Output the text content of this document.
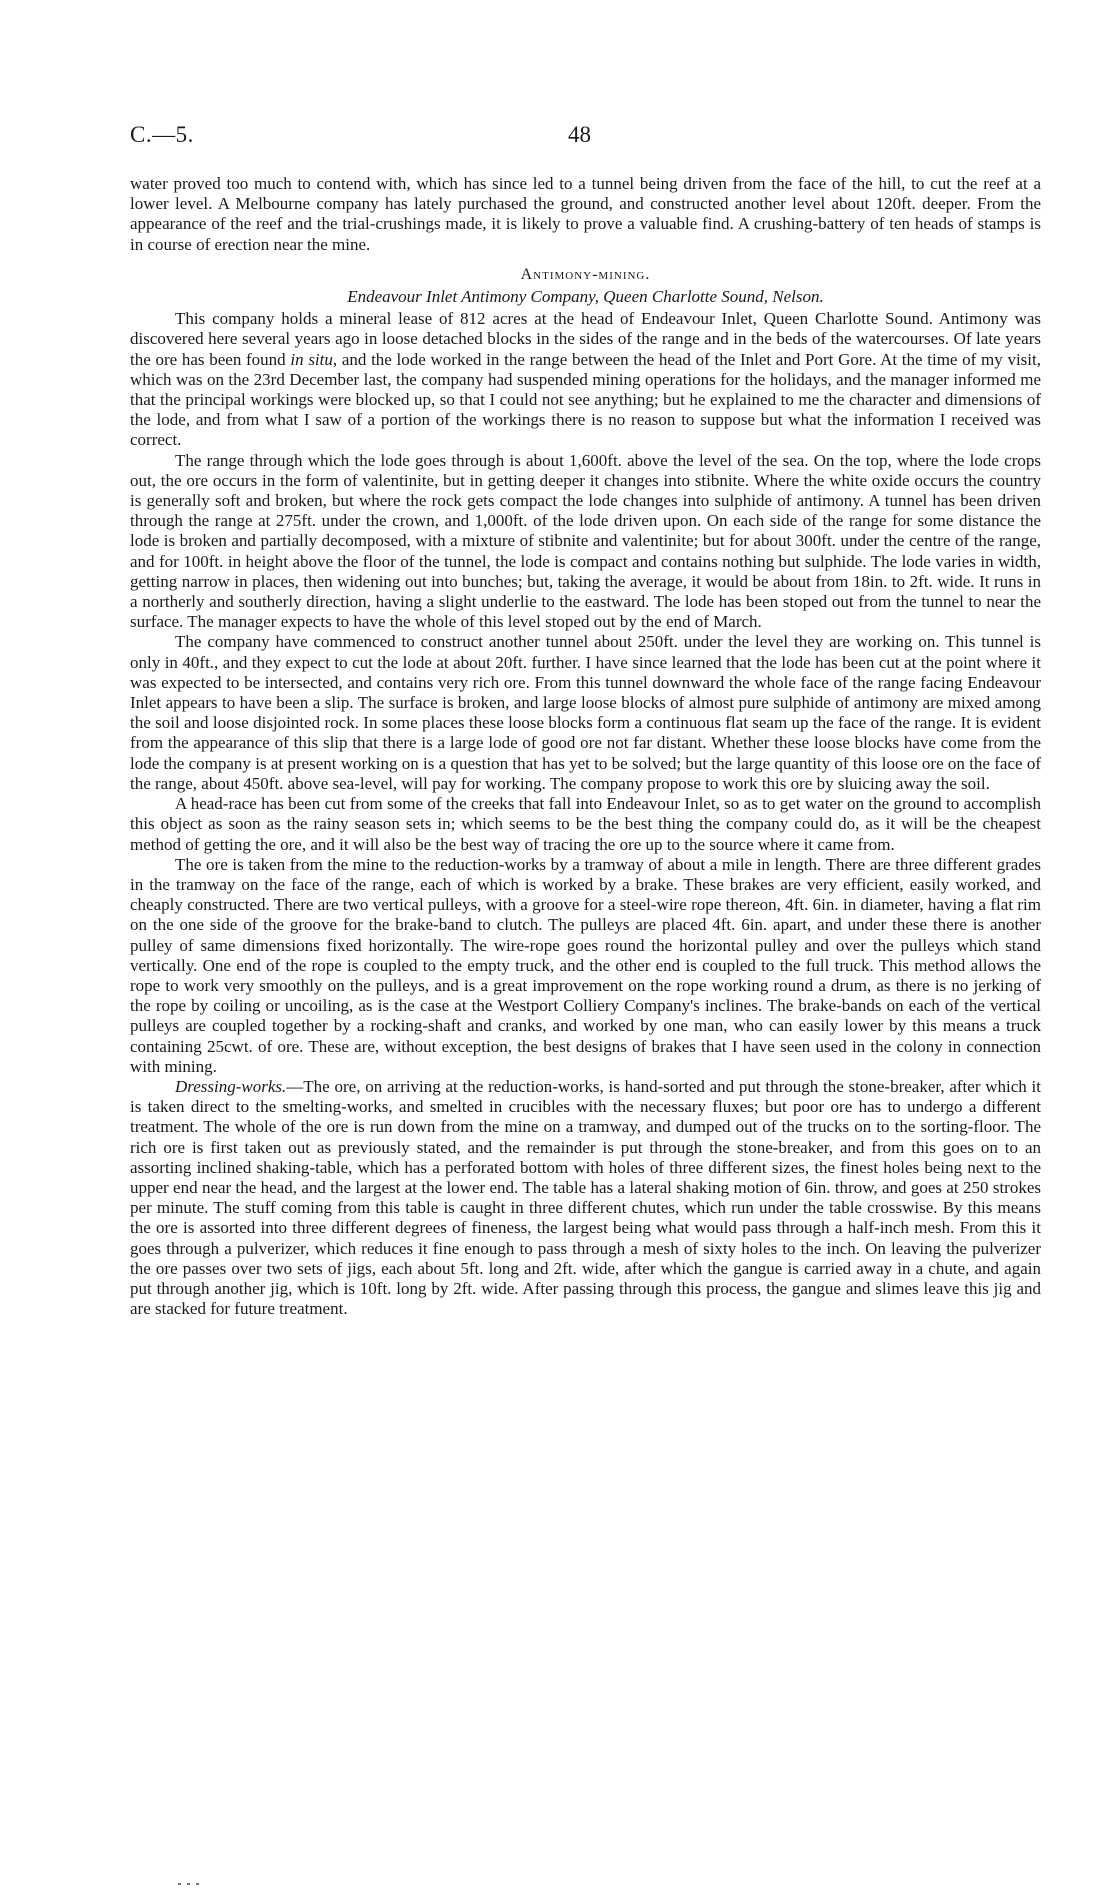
C.—5.	48

water proved too much to contend with, which has since led to a tunnel being driven from the face of the hill, to cut the reef at a lower level. A Melbourne company has lately purchased the ground, and constructed another level about 120ft. deeper. From the appearance of the reef and the trial-crushings made, it is likely to prove a valuable find. A crushing-battery of ten heads of stamps is in course of erection near the mine.

Antimony-mining.

Endeavour Inlet Antimony Company, Queen Charlotte Sound, Nelson.

This company holds a mineral lease of 812 acres at the head of Endeavour Inlet, Queen Charlotte Sound. Antimony was discovered here several years ago in loose detached blocks in the sides of the range and in the beds of the watercourses. Of late years the ore has been found in situ, and the lode worked in the range between the head of the Inlet and Port Gore. At the time of my visit, which was on the 23rd December last, the company had suspended mining operations for the holidays, and the manager informed me that the principal workings were blocked up, so that I could not see anything; but he explained to me the character and dimensions of the lode, and from what I saw of a portion of the workings there is no reason to suppose but what the information I received was correct.

The range through which the lode goes through is about 1,600ft. above the level of the sea. On the top, where the lode crops out, the ore occurs in the form of valentinite, but in getting deeper it changes into stibnite. Where the white oxide occurs the country is generally soft and broken, but where the rock gets compact the lode changes into sulphide of antimony. A tunnel has been driven through the range at 275ft. under the crown, and 1,000ft. of the lode driven upon. On each side of the range for some distance the lode is broken and partially decomposed, with a mixture of stibnite and valentinite; but for about 300ft. under the centre of the range, and for 100ft. in height above the floor of the tunnel, the lode is compact and contains nothing but sulphide. The lode varies in width, getting narrow in places, then widening out into bunches; but, taking the average, it would be about from 18in. to 2ft. wide. It runs in a northerly and southerly direction, having a slight underlie to the eastward. The lode has been stoped out from the tunnel to near the surface. The manager expects to have the whole of this level stoped out by the end of March.

The company have commenced to construct another tunnel about 250ft. under the level they are working on. This tunnel is only in 40ft., and they expect to cut the lode at about 20ft. further. I have since learned that the lode has been cut at the point where it was expected to be intersected, and contains very rich ore. From this tunnel downward the whole face of the range facing Endeavour Inlet appears to have been a slip. The surface is broken, and large loose blocks of almost pure sulphide of antimony are mixed among the soil and loose disjointed rock. In some places these loose blocks form a continuous flat seam up the face of the range. It is evident from the appearance of this slip that there is a large lode of good ore not far distant. Whether these loose blocks have come from the lode the company is at present working on is a question that has yet to be solved; but the large quantity of this loose ore on the face of the range, about 450ft. above sea-level, will pay for working. The company propose to work this ore by sluicing away the soil.

A head-race has been cut from some of the creeks that fall into Endeavour Inlet, so as to get water on the ground to accomplish this object as soon as the rainy season sets in; which seems to be the best thing the company could do, as it will be the cheapest method of getting the ore, and it will also be the best way of tracing the ore up to the source where it came from.

The ore is taken from the mine to the reduction-works by a tramway of about a mile in length. There are three different grades in the tramway on the face of the range, each of which is worked by a brake. These brakes are very efficient, easily worked, and cheaply constructed. There are two vertical pulleys, with a groove for a steel-wire rope thereon, 4ft. 6in. in diameter, having a flat rim on the one side of the groove for the brake-band to clutch. The pulleys are placed 4ft. 6in. apart, and under these there is another pulley of same dimensions fixed horizontally. The wire-rope goes round the horizontal pulley and over the pulleys which stand vertically. One end of the rope is coupled to the empty truck, and the other end is coupled to the full truck. This method allows the rope to work very smoothly on the pulleys, and is a great improvement on the rope working round a drum, as there is no jerking of the rope by coiling or uncoiling, as is the case at the Westport Colliery Company's inclines. The brake-bands on each of the vertical pulleys are coupled together by a rocking-shaft and cranks, and worked by one man, who can easily lower by this means a truck containing 25cwt. of ore. These are, without exception, the best designs of brakes that I have seen used in the colony in connection with mining.

Dressing-works.—The ore, on arriving at the reduction-works, is hand-sorted and put through the stone-breaker, after which it is taken direct to the smelting-works, and smelted in crucibles with the necessary fluxes; but poor ore has to undergo a different treatment. The whole of the ore is run down from the mine on a tramway, and dumped out of the trucks on to the sorting-floor. The rich ore is first taken out as previously stated, and the remainder is put through the stone-breaker, and from this goes on to an assorting inclined shaking-table, which has a perforated bottom with holes of three different sizes, the finest holes being next to the upper end near the head, and the largest at the lower end. The table has a lateral shaking motion of 6in. throw, and goes at 250 strokes per minute. The stuff coming from this table is caught in three different chutes, which run under the table crosswise. By this means the ore is assorted into three different degrees of fineness, the largest being what would pass through a half-inch mesh. From this it goes through a pulverizer, which reduces it fine enough to pass through a mesh of sixty holes to the inch. On leaving the pulverizer the ore passes over two sets of jigs, each about 5ft. long and 2ft. wide, after which the gangue is carried away in a chute, and again put through another jig, which is 10ft. long by 2ft. wide. After passing through this process, the gangue and slimes leave this jig and are stacked for future treatment.
